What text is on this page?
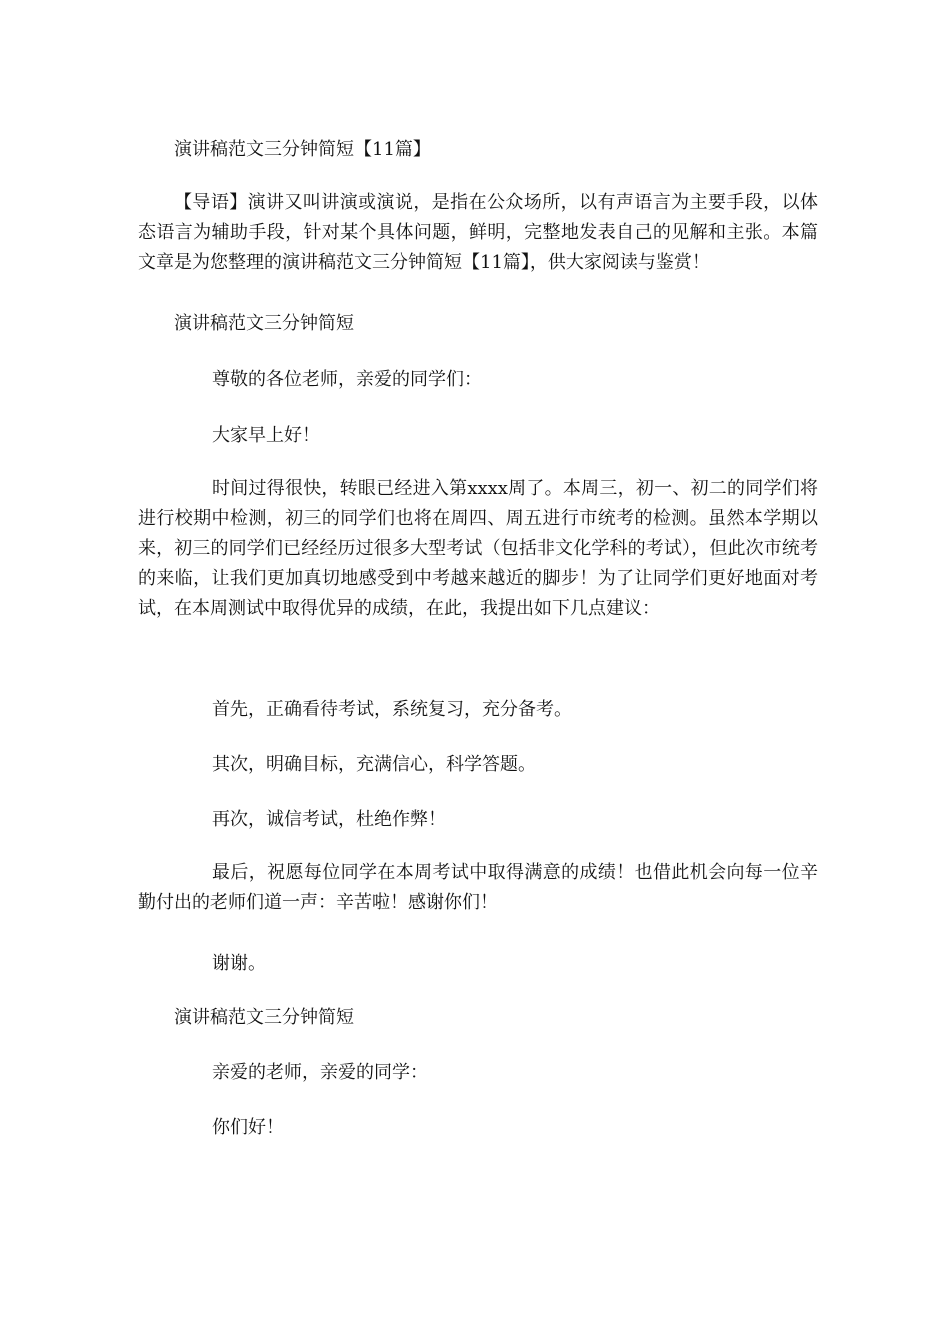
演讲稿范文三分钟简短【11篇】

【导语】演讲又叫讲演或演说，是指在公众场所，以有声语言为主要手段，以体态语言为辅助手段，针对某个具体问题，鲜明，完整地发表自己的见解和主张。本篇文章是为您整理的演讲稿范文三分钟简短【11篇】，供大家阅读与鉴赏！

演讲稿范文三分钟简短

尊敬的各位老师，亲爱的同学们：

大家早上好！

时间过得很快，转眼已经进入第xxxx周了。本周三，初一、初二的同学们将进行校期中检测，初三的同学们也将在周四、周五进行市统考的检测。虽然本学期以来，初三的同学们已经经历过很多大型考试（包括非文化学科的考试），但此次市统考的来临，让我们更加真切地感受到中考越来越近的脚步！为了让同学们更好地面对考试，在本周测试中取得优异的成绩，在此，我提出如下几点建议：

首先，正确看待考试，系统复习，充分备考。

其次，明确目标，充满信心，科学答题。

再次，诚信考试，杜绝作弊！

最后，祝愿每位同学在本周考试中取得满意的成绩！也借此机会向每一位辛勤付出的老师们道一声：辛苦啦！感谢你们！

谢谢。

演讲稿范文三分钟简短

亲爱的老师，亲爱的同学：

你们好！
